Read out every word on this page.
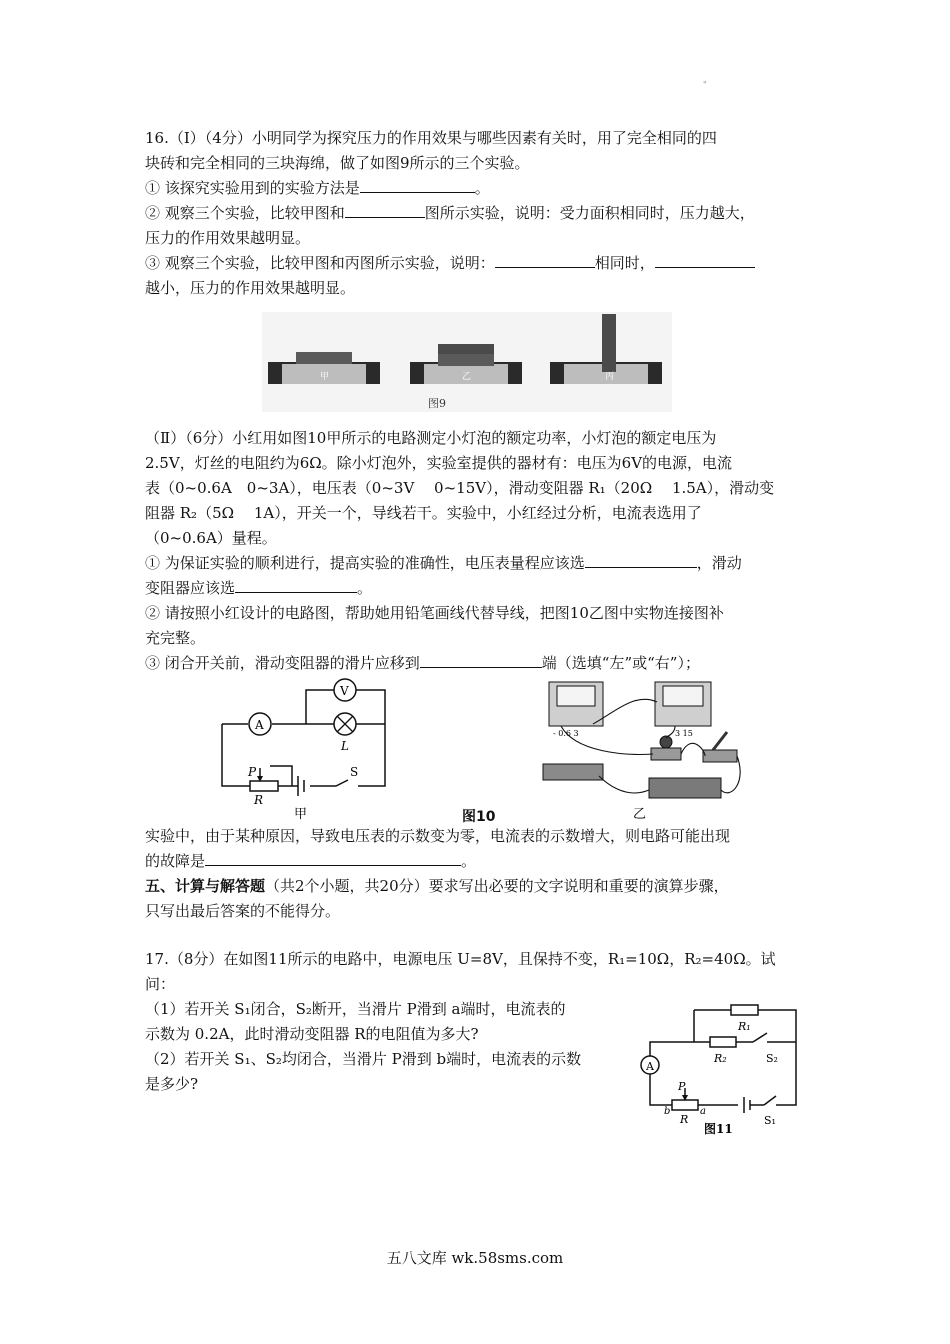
"
16.（Ⅰ）（4分）小明同学为探究压力的作用效果与哪些因素有关时，用了完全相同的四
块砖和完全相同的三块海绵，做了如图9所示的三个实验。
① 该探究实验用到的实验方法是	。
② 观察三个实验，比较甲图和	图所示实验，说明：受力面积相同时，压力越大，
压力的作用效果越明显。
③ 观察三个实验，比较甲图和丙图所示实验，说明：	相同时，
越小，压力的作用效果越明显。
甲	乙	丙
图9
（Ⅱ）（6分）小红用如图10甲所示的电路测定小灯泡的额定功率，小灯泡的额定电压为
2.5V，灯丝的电阻约为6Ω。除小灯泡外，实验室提供的器材有：电压为6V的电源，电流
表（0~0.6A　0~3A），电压表（0~3V　 0~15V），滑动变阻器 R₁（20Ω　 1.5A），滑动变
阻器 R₂（5Ω　 1A），开关一个，导线若干。实验中，小红经过分析，电流表选用了
（0~0.6A）量程。
① 为保证实验的顺利进行，提高实验的准确性，电压表量程应该选	，滑动
变阻器应该选	。
② 请按照小红设计的电路图，帮助她用铅笔画线代替导线，把图10乙图中实物连接图补
充完整。
③ 闭合开关前，滑动变阻器的滑片应移到	端（选填“左”或“右”）；
A
V
L
P
R
S
甲
- 0.6 3	3 15
乙
图10
实验中，由于某种原因，导致电压表的示数变为零，电流表的示数增大，则电路可能出现
的故障是	。
五、计算与解答题（共2个小题，共20分）要求写出必要的文字说明和重要的演算步骤，
只写出最后答案的不能得分。
17.（8分）在如图11所示的电路中，电源电压 U=8V，且保持不变，R₁=10Ω，R₂=40Ω。试
问：
（1）若开关 S₁闭合，S₂断开，当滑片 P滑到 a端时，电流表的
示数为 0.2A，此时滑动变阻器 R的电阻值为多大?
（2）若开关 S₁、S₂均闭合，当滑片 P滑到 b端时，电流表的示数
是多少?
A
R₁
R₂	S₂
S₁
P
R
a
b
图11
五八文库 wk.58sms.com
